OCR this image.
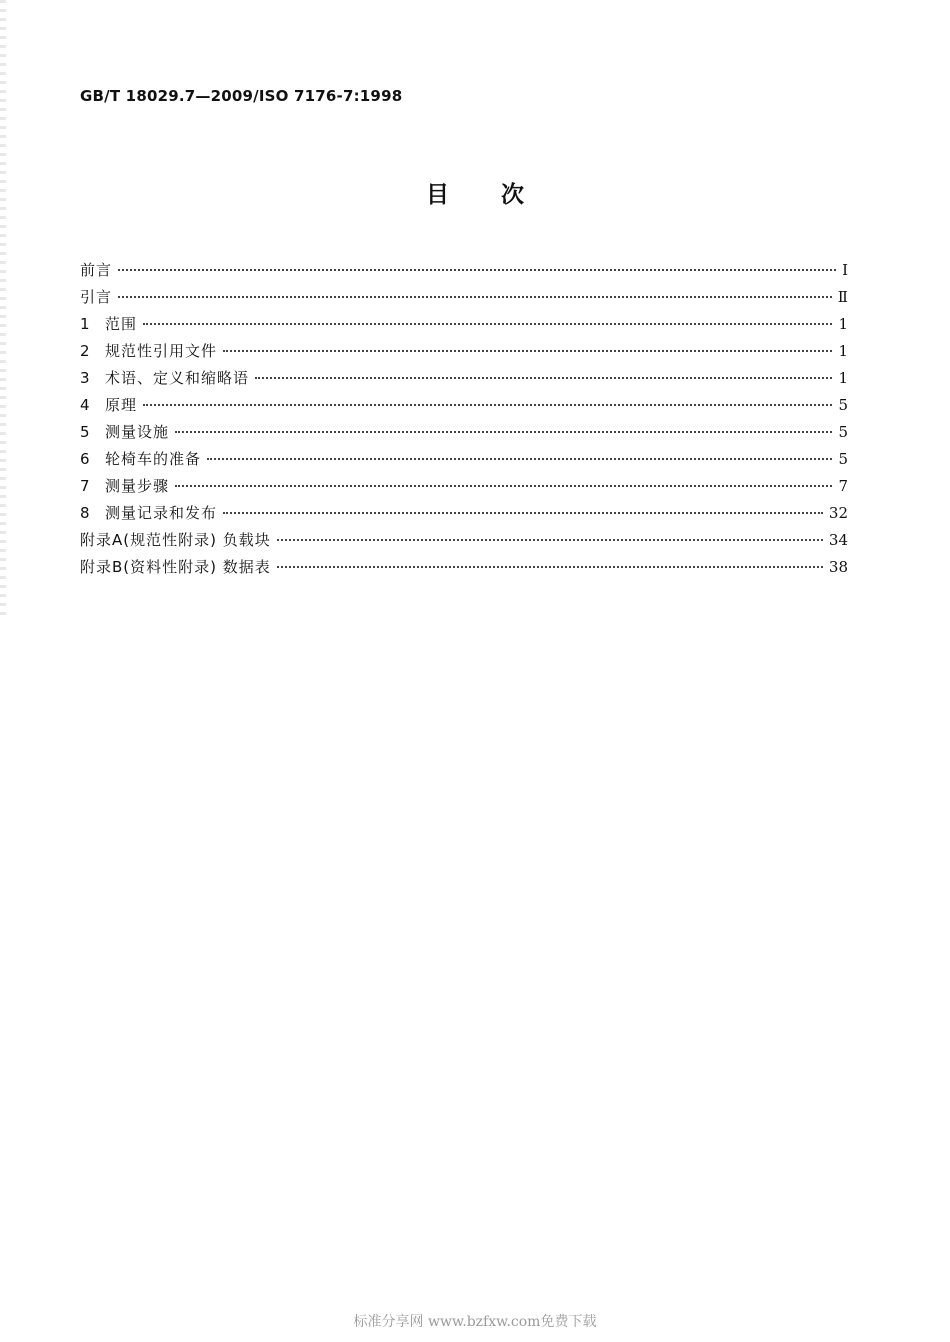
GB/T 18029.7—2009/ISO 7176-7:1998
目次
前言	Ⅰ
引言	Ⅱ
1	范围	1
2	规范性引用文件	1
3	术语、定义和缩略语	1
4	原理	5
5	测量设施	5
6	轮椅车的准备	5
7	测量步骤	7
8	测量记录和发布	32
附录A(规范性附录) 负载块	34
附录B(资料性附录) 数据表	38
标准分享网 www.bzfxw.com免费下载
